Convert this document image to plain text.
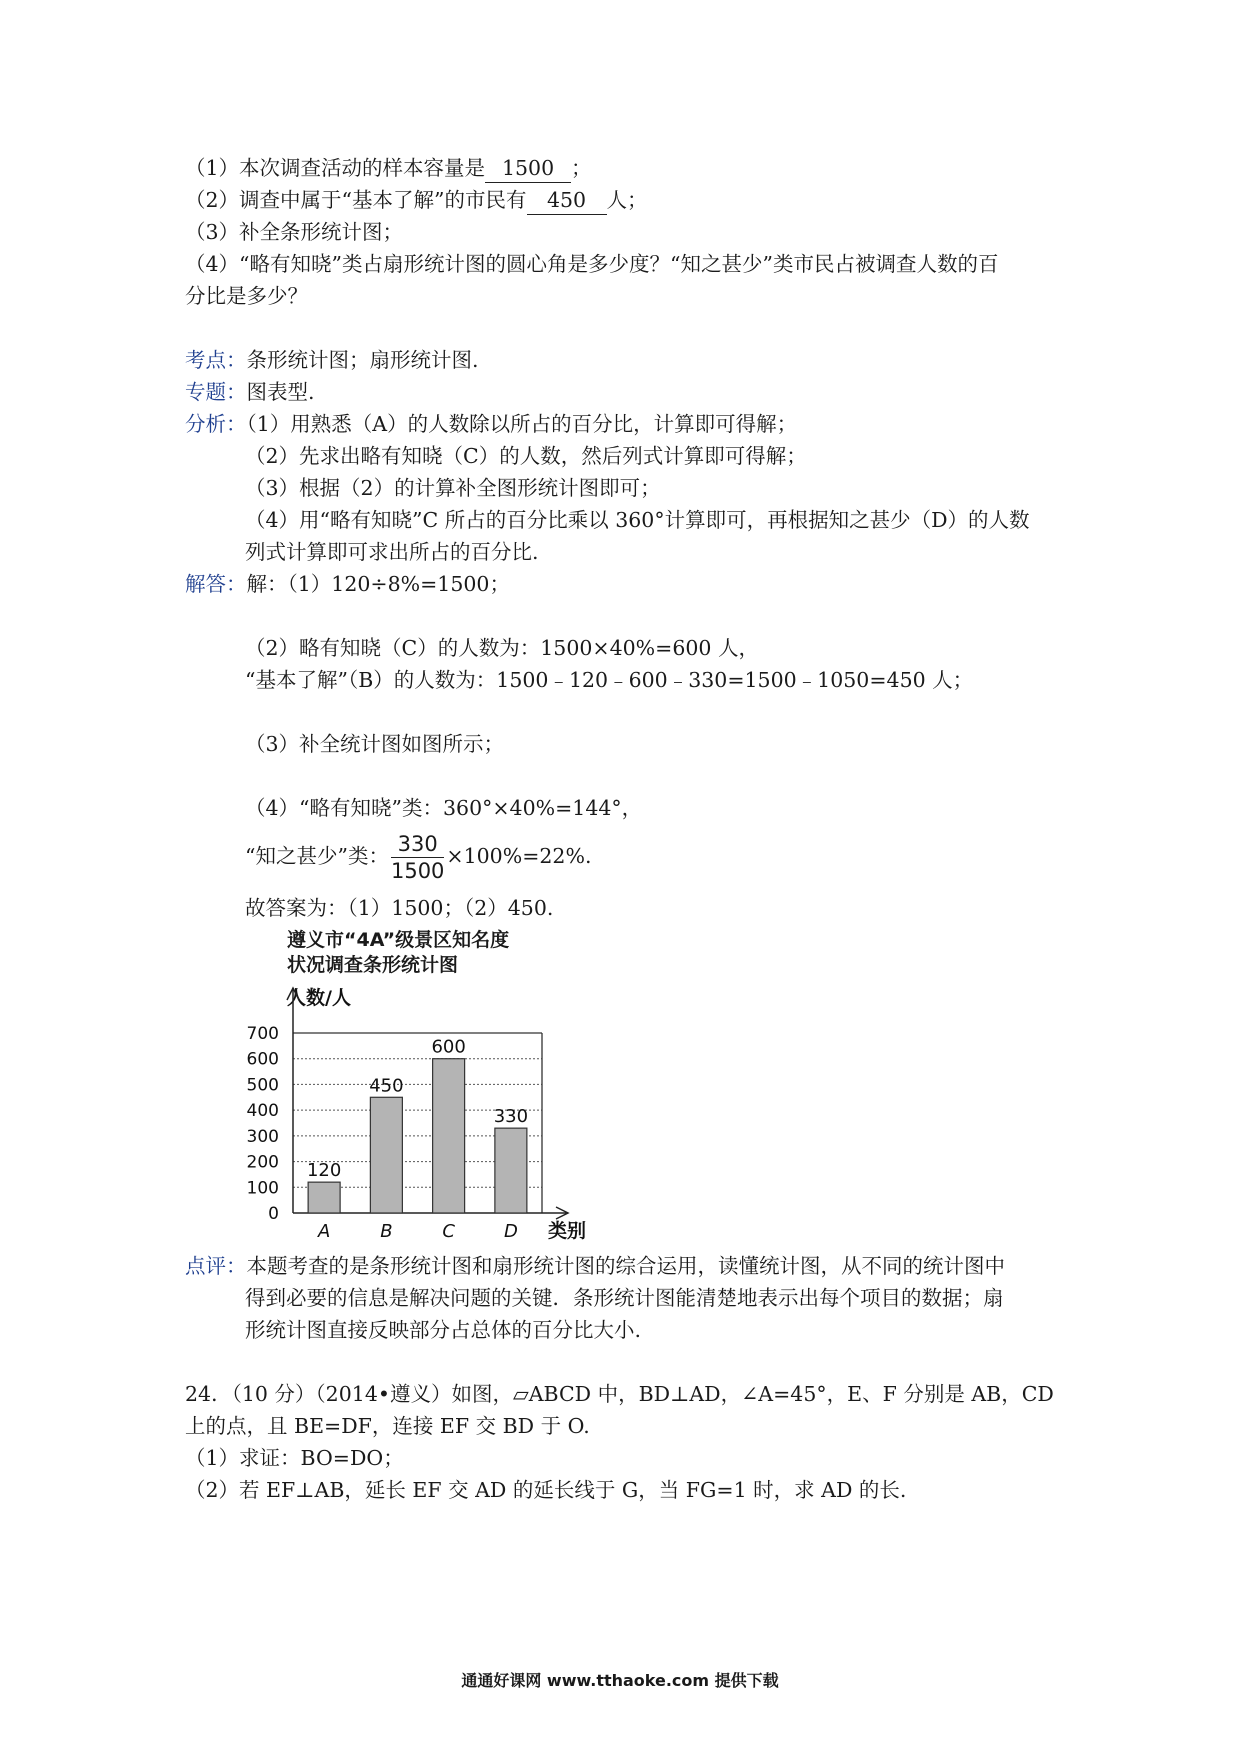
（1）本次调查活动的样本容量是 1500 ；
（2）调查中属于“基本了解”的市民有 450 人；
（3）补全条形统计图；
（4）“略有知晓”类占扇形统计图的圆心角是多少度？“知之甚少”类市民占被调查人数的百
分比是多少？
考点：条形统计图；扇形统计图.
专题：图表型.
分析：（1）用熟悉（A）的人数除以所占的百分比，计算即可得解；
（2）先求出略有知晓（C）的人数，然后列式计算即可得解；
（3）根据（2）的计算补全图形统计图即可；
（4）用“略有知晓”C 所占的百分比乘以 360°计算即可，再根据知之甚少（D）的人数
列式计算即可求出所占的百分比.
解答：解：（1）120÷8%=1500；
（2）略有知晓（C）的人数为：1500×40%=600 人，
“基本了解”（B）的人数为：1500﹣120﹣600﹣330=1500﹣1050=450 人；
（3）补全统计图如图所示；
（4）“略有知晓”类：360°×40%=144°，
“知之甚少”类： $\frac{330}{1500} \times 100\%=22\%$.
故答案为：（1）1500；（2）450.
遵义市“4A”级景区知名度
状况调查条形统计图
人数/人
0
100
200
300
400
500
600
700
120
A
450
B
600
C
330
D 类别
点评：本题考查的是条形统计图和扇形统计图的综合运用，读懂统计图，从不同的统计图中
得到必要的信息是解决问题的关键．条形统计图能清楚地表示出每个项目的数据；扇
形统计图直接反映部分占总体的百分比大小.
24．（10 分）（2014•遵义）如图，▱ABCD 中，BD⊥AD，∠A=45°，E、F 分别是 AB，CD
上的点，且 BE=DF，连接 EF 交 BD 于 O.
（1）求证：BO=DO；
（2）若 EF⊥AB，延长 EF 交 AD 的延长线于 G，当 FG=1 时，求 AD 的长.
通通好课网 www.tthaoke.com 提供下载
